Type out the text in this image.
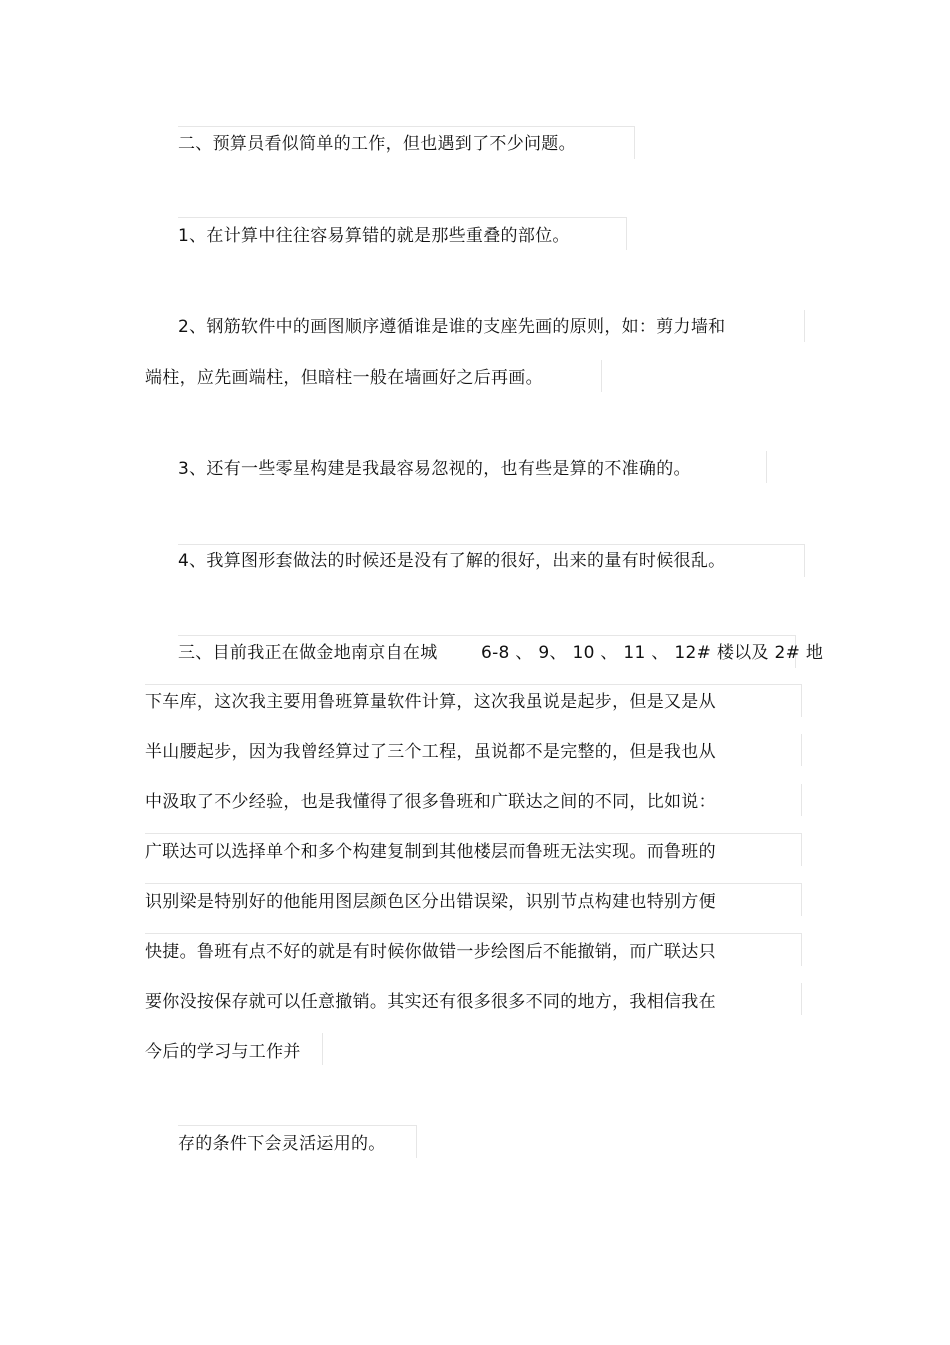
二、预算员看似简单的工作，但也遇到了不少问题。
1、在计算中往往容易算错的就是那些重叠的部位。
2、钢筋软件中的画图顺序遵循谁是谁的支座先画的原则，如：剪力墙和
端柱，应先画端柱，但暗柱一般在墙画好之后再画。
3、还有一些零星构建是我最容易忽视的，也有些是算的不准确的。
4、我算图形套做法的时候还是没有了解的很好，出来的量有时候很乱。
三、目前我正在做金地南京自在城	6-8 、 9、 10 、 11 、 12# 楼以及 2# 地
下车库，这次我主要用鲁班算量软件计算，这次我虽说是起步，但是又是从
半山腰起步，因为我曾经算过了三个工程，虽说都不是完整的，但是我也从
中汲取了不少经验，也是我懂得了很多鲁班和广联达之间的不同，比如说：
广联达可以选择单个和多个构建复制到其他楼层而鲁班无法实现。而鲁班的
识别梁是特别好的他能用图层颜色区分出错误梁，识别节点构建也特别方便
快捷。鲁班有点不好的就是有时候你做错一步绘图后不能撤销，而广联达只
要你没按保存就可以任意撤销。其实还有很多很多不同的地方，我相信我在
今后的学习与工作并
存的条件下会灵活运用的。
